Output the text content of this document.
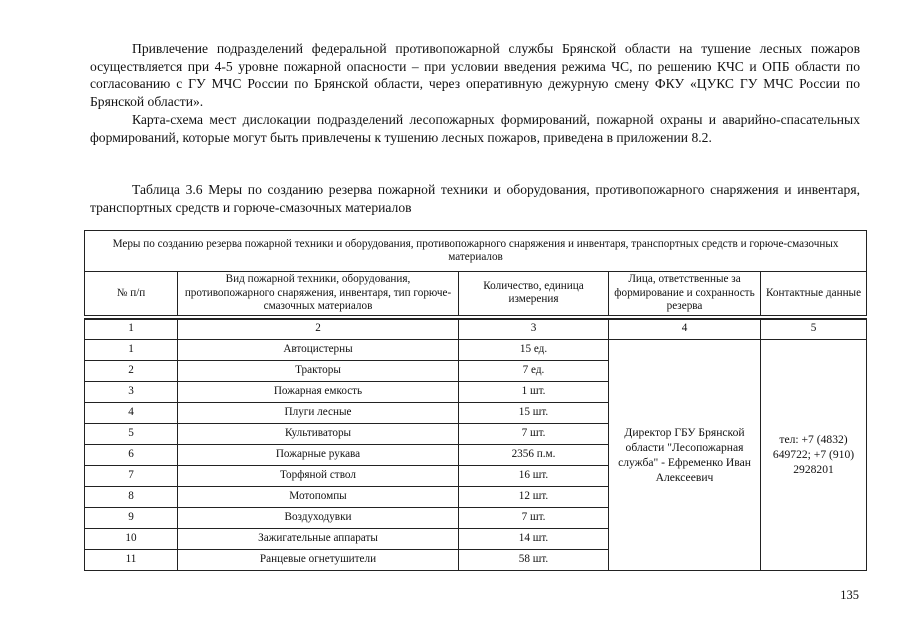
Привлечение подразделений федеральной противопожарной службы Брянской области на тушение лесных пожаров осуществляется при 4-5 уровне пожарной опасности – при условии введения режима ЧС, по решению КЧС и ОПБ области по согласованию с ГУ МЧС России по Брянской области, через оперативную дежурную смену ФКУ «ЦУКС ГУ МЧС России по Брянской области».

Карта-схема мест дислокации подразделений лесопожарных формирований, пожарной охраны и аварийно-спасательных формирований, которые могут быть привлечены к тушению лесных пожаров, приведена в приложении 8.2.

Таблица 3.6 Меры по созданию резерва пожарной техники и оборудования, противопожарного снаряжения и инвентаря, транспортных средств и горюче-смазочных материалов

Меры по созданию резерва пожарной техники и оборудования, противопожарного снаряжения и инвентаря, транспортных средств и горюче-смазочных материалов				
№ п/п	Вид пожарной техники, оборудования, противопожарного снаряжения, инвентаря, тип горюче-смазочных материалов	Количество, единица измерения	Лица, ответственные за формирование и сохранность резерва	Контактные данные

1	2	3	4	5
1	Автоцистерны	15 ед.	Директор ГБУ Брянской области "Лесопожарная служба" - Ефременко Иван Алексеевич	тел: +7 (4832) 649722; +7 (910) 2928201
2	Тракторы	7 ед.		
3	Пожарная емкость	1 шт.		
4	Плуги лесные	15 шт.		
5	Культиваторы	7 шт.		
6	Пожарные рукава	2356 п.м.		
7	Торфяной ствол	16 шт.		
8	Мотопомпы	12 шт.		
9	Воздуходувки	7 шт.		
10	Зажигательные аппараты	14 шт.		
11	Ранцевые огнетушители	58 шт.		
135
